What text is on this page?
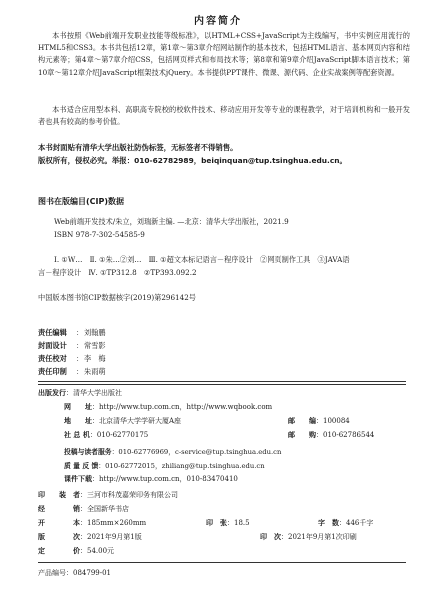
内容简介
本书按照《Web前端开发职业技能等级标准》，以HTML+CSS+JavaScript为主线编写，书中实例应用流行的HTML5和CSS3。本书共包括12章，第1章～第3章介绍网站制作的基本技术，包括HTML语言、基本网页内容和结构元素等；第4章～第7章介绍CSS，包括网页样式和布局技术等；第8章和第9章介绍JavaScript脚本语言技术；第10章～第12章介绍JavaScript框架技术jQuery。本书提供PPT课件、微课、源代码、企业实战案例等配套资源。
本书适合应用型本科、高职高专院校的校软件技术、移动应用开发等专业的课程教学，对于培训机构和一般开发者也具有较高的参考价值。
本书封面贴有清华大学出版社防伪标签，无标签者不得销售。
版权所有，侵权必究。举报：010-62782989，beiqinquan@tup.tsinghua.edu.cn。
图书在版编目(CIP)数据
Web前端开发技术/朱立，刘瑞新主编. —北京：清华大学出版社，2021.9
ISBN 978-7-302-54585-9
Ⅰ. ①W…　Ⅱ. ①朱…②刘…　Ⅲ. ①超文本标记语言－程序设计　②网页制作工具　③JAVA语
言－程序设计　Ⅳ. ①TP312.8　②TP393.092.2
中国版本图书馆CIP数据核字(2019)第296142号
责任编辑 ：刘翰鹏
封面设计 ：常雪影
责任校对 ：李　梅
责任印制 ：朱雨萌
出版发行：清华大学出版社
网　　址：http://www.tup.com.cn，http://www.wqbook.com
地　　址：北京清华大学学研大厦A座	邮　　编：100084
社 总 机：010-62770175	邮　　购：010-62786544
投稿与读者服务：010-62776969，c-service@tup.tsinghua.edu.cn
质 量 反 馈：010-62772015，zhiliang@tup.tsinghua.edu.cn
课件下载：http://www.tup.com.cn，010-83470410
印　　装　者：三河市科茂嘉荣印务有限公司
经　　　　销：全国新华书店
开　　　　本：185mm×260mm	印　张：18.5	字　数：446千字
版　　　　次：2021年9月第1版	印　次：2021年9月第1次印刷
定　　　　价：54.00元
产品编号：084799-01
